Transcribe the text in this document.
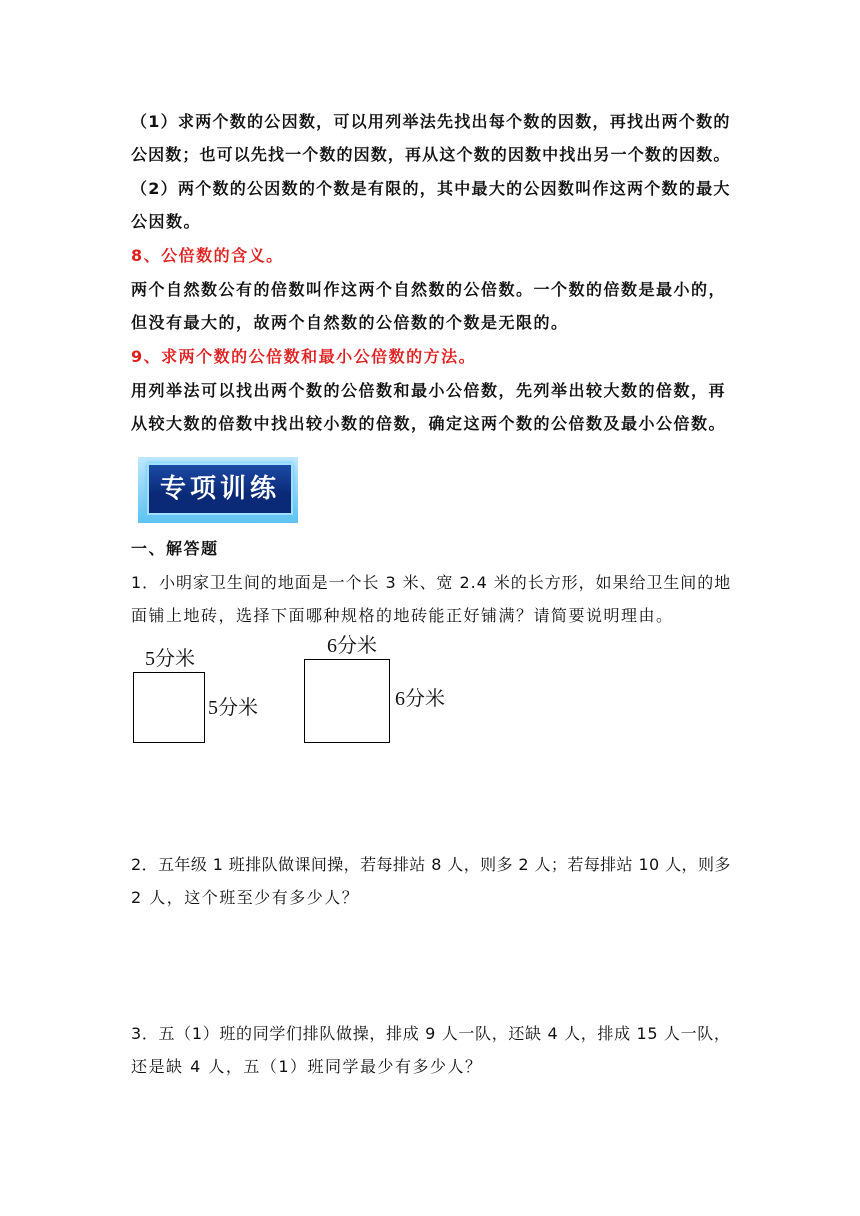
（1）求两个数的公因数，可以用列举法先找出每个数的因数，再找出两个数的
公因数；也可以先找一个数的因数，再从这个数的因数中找出另一个数的因数。
（2）两个数的公因数的个数是有限的，其中最大的公因数叫作这两个数的最大
公因数。
8、公倍数的含义。
两个自然数公有的倍数叫作这两个自然数的公倍数。一个数的倍数是最小的，
但没有最大的，故两个自然数的公倍数的个数是无限的。
9、求两个数的公倍数和最小公倍数的方法。
用列举法可以找出两个数的公倍数和最小公倍数，先列举出较大数的倍数，再
从较大数的倍数中找出较小数的倍数，确定这两个数的公倍数及最小公倍数。
专项训练
一、解答题
1．小明家卫生间的地面是一个长 3 米、宽 2.4 米的长方形，如果给卫生间的地
面铺上地砖，选择下面哪种规格的地砖能正好铺满？请简要说明理由。
5分米
5分米
6分米
6分米
2．五年级 1 班排队做课间操，若每排站 8 人，则多 2 人；若每排站 10 人，则多
2 人，这个班至少有多少人？
3．五（1）班的同学们排队做操，排成 9 人一队，还缺 4 人，排成 15 人一队，
还是缺 4 人，五（1）班同学最少有多少人？
